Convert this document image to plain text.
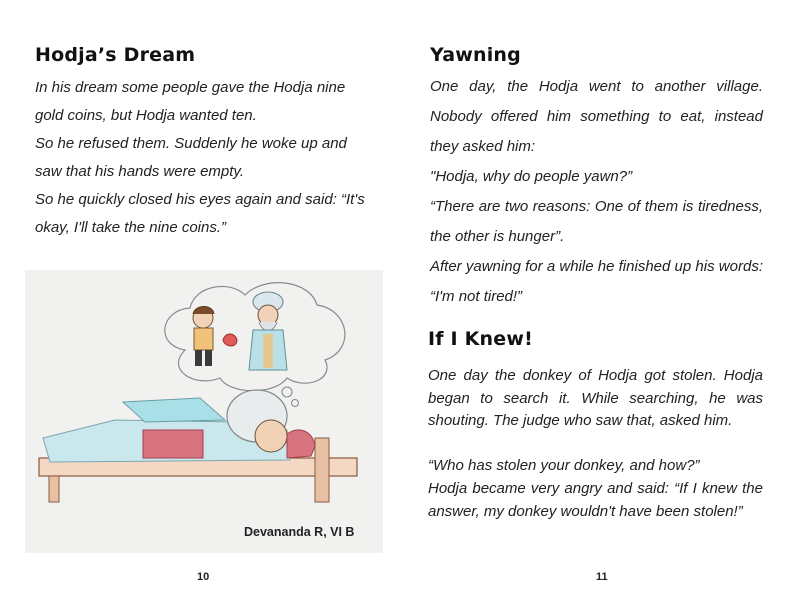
Hodja’s Dream

In his dream some people gave the Hodja nine gold coins, but Hodja wanted ten.

So he refused them. Suddenly he woke up and saw that his hands were empty.

So he quickly closed his eyes again and said: “It's okay, I'll take the nine coins.”

Devananda R, VI B
10
Yawning

One day, the Hodja went to another village. Nobody offered him something to eat, instead they asked him:

"Hodja, why do people yawn?”

“There are two reasons: One of them is tiredness, the other is hunger”.

After yawning for a while he finished up his words: “I'm not tired!”

If I Knew!

One day the donkey of Hodja got stolen. Hodja began to search it. While searching, he was shouting. The judge who saw that, asked him.

“Who has stolen your donkey, and how?”

Hodja became very angry and said: “If I knew the answer, my donkey wouldn't have been stolen!”

11
